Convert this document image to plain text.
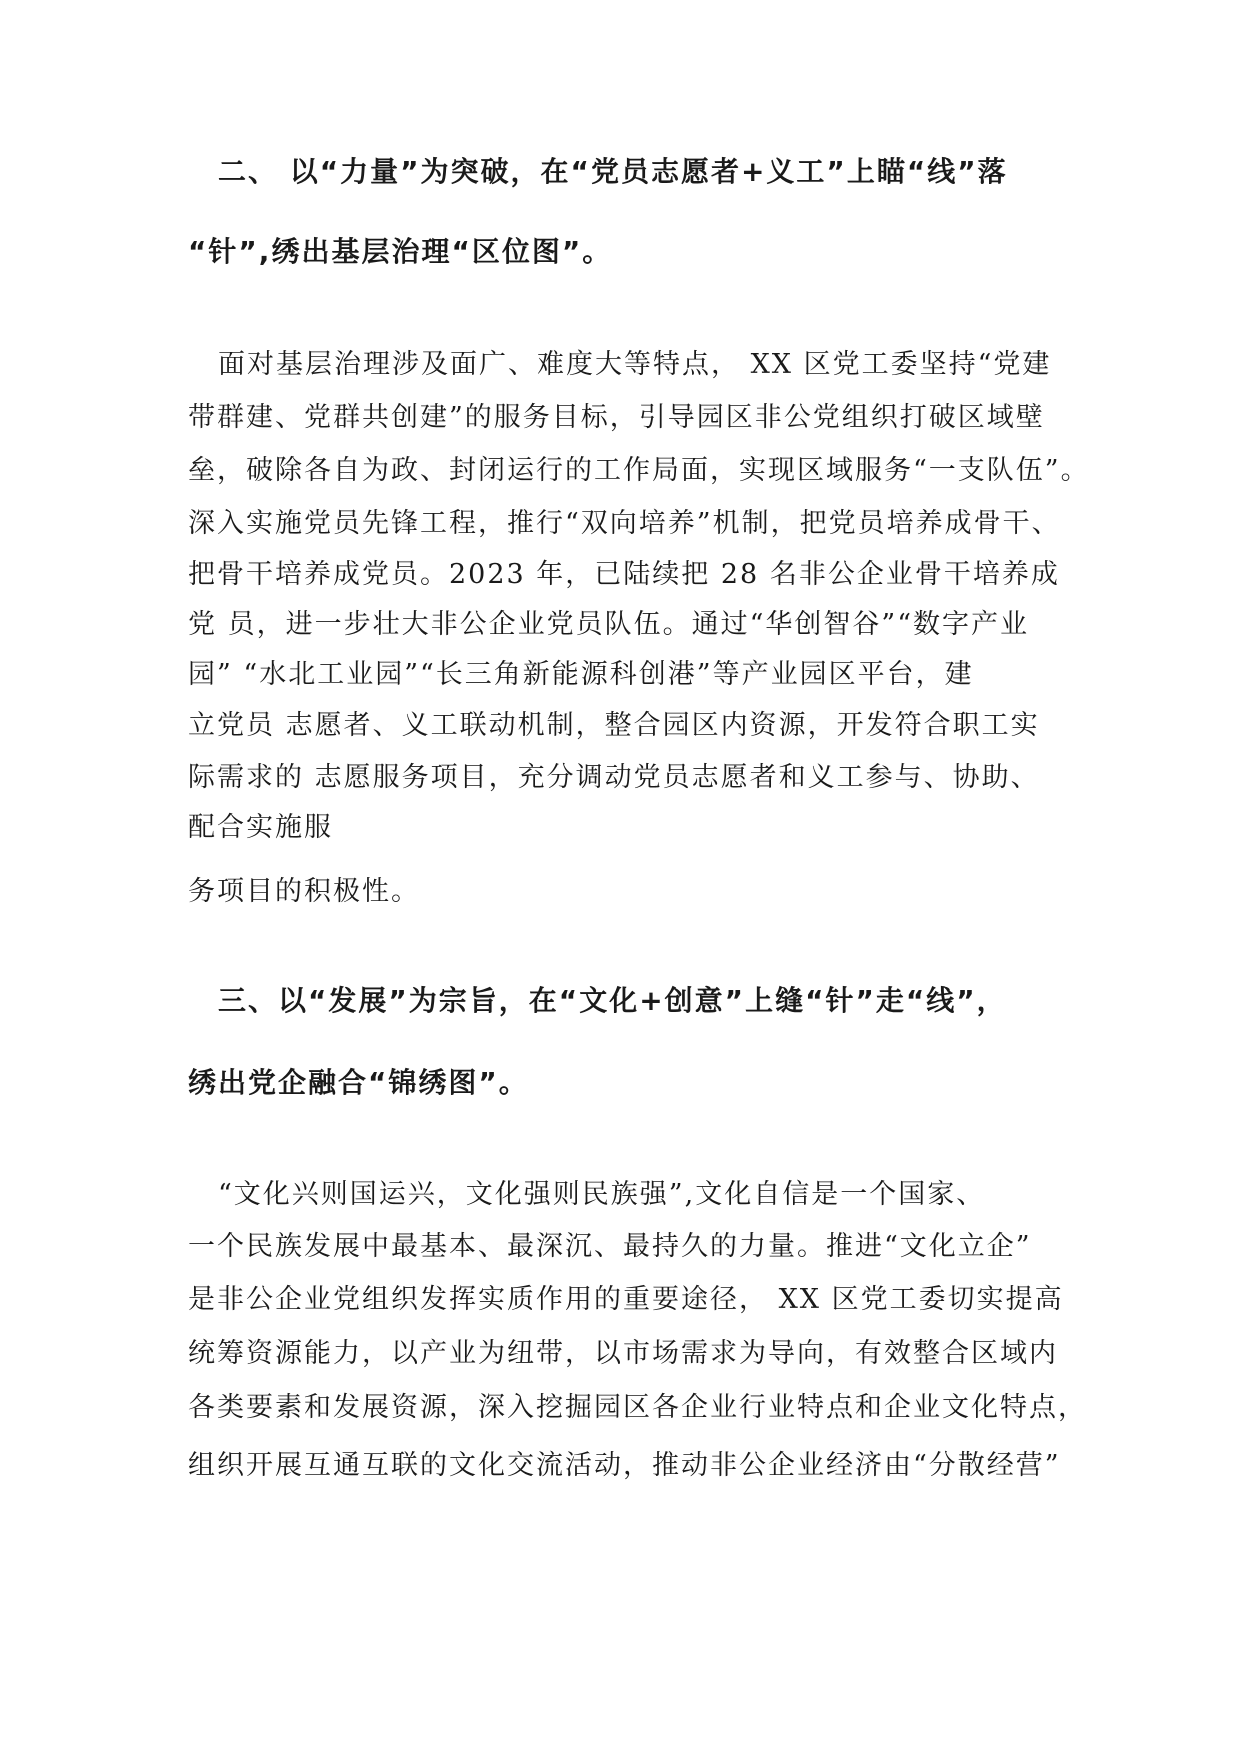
二、 以“力量”为突破，在“党员志愿者+义工”上瞄“线”落
“针”,绣出基层治理“区位图”。
面对基层治理涉及面广、难度大等特点， XX 区党工委坚持“党建
带群建、党群共创建”的服务目标，引导园区非公党组织打破区域壁
垒，破除各自为政、封闭运行的工作局面，实现区域服务“一支队伍”。
深入实施党员先锋工程，推行“双向培养”机制，把党员培养成骨干、
把骨干培养成党员。2023 年，已陆续把 28 名非公企业骨干培养成
党 员，进一步壮大非公企业党员队伍。通过“华创智谷”“数字产业
园” “水北工业园”“长三角新能源科创港”等产业园区平台，建
立党员 志愿者、义工联动机制，整合园区内资源，开发符合职工实
际需求的 志愿服务项目，充分调动党员志愿者和义工参与、协助、
配合实施服
务项目的积极性。
三、以“发展”为宗旨，在“文化+创意”上缝“针”走“线”，
绣出党企融合“锦绣图”。
“文化兴则国运兴，文化强则民族强”,文化自信是一个国家、
一个民族发展中最基本、最深沉、最持久的力量。推进“文化立企”
是非公企业党组织发挥实质作用的重要途径， XX 区党工委切实提高
统筹资源能力，以产业为纽带，以市场需求为导向，有效整合区域内
各类要素和发展资源，深入挖掘园区各企业行业特点和企业文化特点，
组织开展互通互联的文化交流活动，推动非公企业经济由“分散经营”
